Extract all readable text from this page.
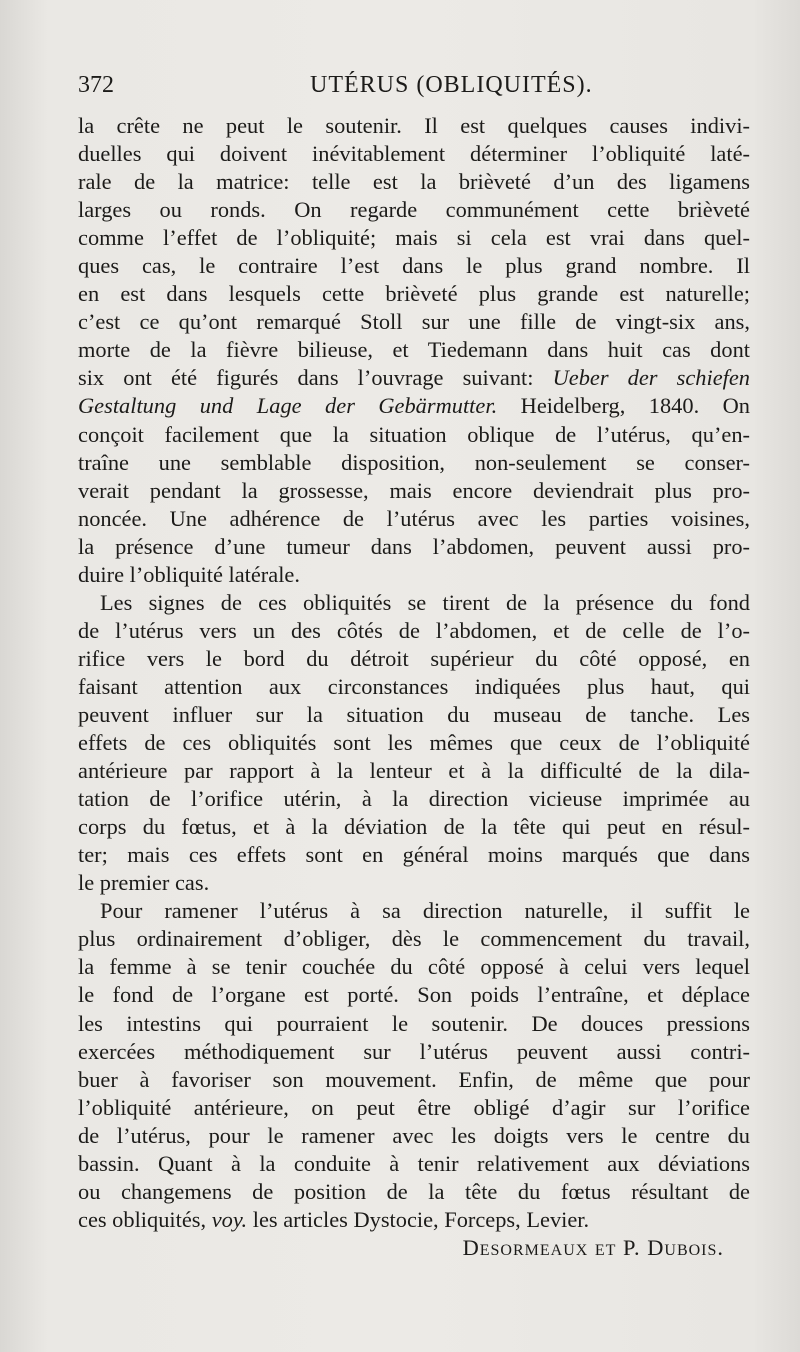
372	UTÉRUS (OBLIQUITÉS).
la crête ne peut le soutenir. Il est quelques causes indivi-
duelles qui doivent inévitablement déterminer l’obliquité laté-
rale de la matrice: telle est la brièveté d’un des ligamens
larges ou ronds. On regarde communément cette brièveté
comme l’effet de l’obliquité; mais si cela est vrai dans quel-
ques cas, le contraire l’est dans le plus grand nombre. Il
en est dans lesquels cette brièveté plus grande est naturelle;
c’est ce qu’ont remarqué Stoll sur une fille de vingt-six ans,
morte de la fièvre bilieuse, et Tiedemann dans huit cas dont
six ont été figurés dans l’ouvrage suivant: Ueber der schiefen
Gestaltung und Lage der Gebärmutter. Heidelberg, 1840. On
conçoit facilement que la situation oblique de l’utérus, qu’en-
traîne une semblable disposition, non-seulement se conser-
verait pendant la grossesse, mais encore deviendrait plus pro-
noncée. Une adhérence de l’utérus avec les parties voisines,
la présence d’une tumeur dans l’abdomen, peuvent aussi pro-
duire l’obliquité latérale.
Les signes de ces obliquités se tirent de la présence du fond
de l’utérus vers un des côtés de l’abdomen, et de celle de l’o-
rifice vers le bord du détroit supérieur du côté opposé, en
faisant attention aux circonstances indiquées plus haut, qui
peuvent influer sur la situation du museau de tanche. Les
effets de ces obliquités sont les mêmes que ceux de l’obliquité
antérieure par rapport à la lenteur et à la difficulté de la dila-
tation de l’orifice utérin, à la direction vicieuse imprimée au
corps du fœtus, et à la déviation de la tête qui peut en résul-
ter; mais ces effets sont en général moins marqués que dans
le premier cas.
Pour ramener l’utérus à sa direction naturelle, il suffit le
plus ordinairement d’obliger, dès le commencement du travail,
la femme à se tenir couchée du côté opposé à celui vers lequel
le fond de l’organe est porté. Son poids l’entraîne, et déplace
les intestins qui pourraient le soutenir. De douces pressions
exercées méthodiquement sur l’utérus peuvent aussi contri-
buer à favoriser son mouvement. Enfin, de même que pour
l’obliquité antérieure, on peut être obligé d’agir sur l’orifice
de l’utérus, pour le ramener avec les doigts vers le centre du
bassin. Quant à la conduite à tenir relativement aux déviations
ou changemens de position de la tête du fœtus résultant de
ces obliquités, voy. les articles Dystocie, Forceps, Levier.
Desormeaux et P. Dubois.
